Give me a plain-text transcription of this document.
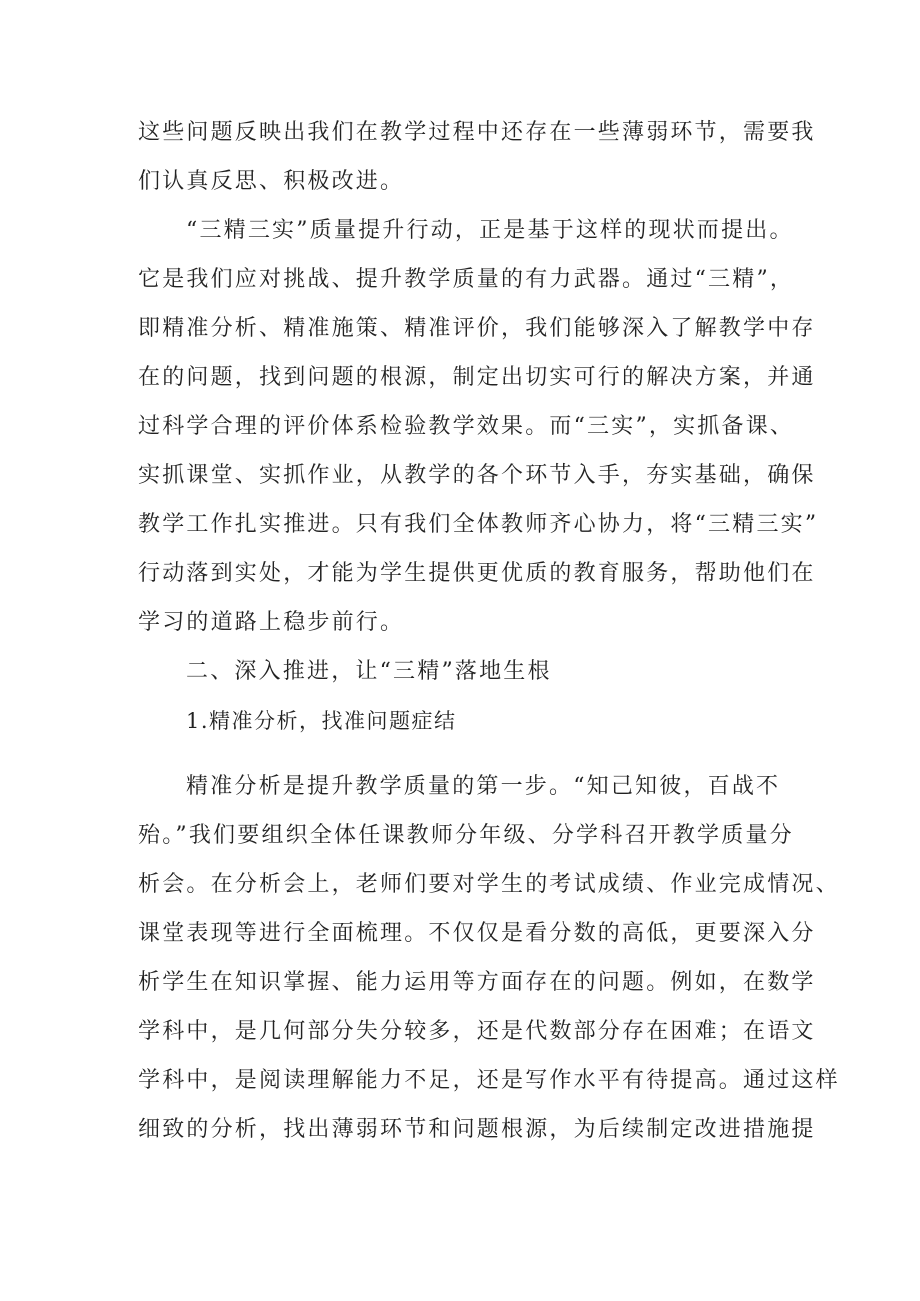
这些问题反映出我们在教学过程中还存在一些薄弱环节，需要我
们认真反思、积极改进。
“三精三实”质量提升行动，正是基于这样的现状而提出。
它是我们应对挑战、提升教学质量的有力武器。通过“三精”，
即精准分析、精准施策、精准评价，我们能够深入了解教学中存
在的问题，找到问题的根源，制定出切实可行的解决方案，并通
过科学合理的评价体系检验教学效果。而“三实”，实抓备课、
实抓课堂、实抓作业，从教学的各个环节入手，夯实基础，确保
教学工作扎实推进。只有我们全体教师齐心协力，将“三精三实”
行动落到实处，才能为学生提供更优质的教育服务，帮助他们在
学习的道路上稳步前行。
二、深入推进，让“三精”落地生根
1.精准分析，找准问题症结
精准分析是提升教学质量的第一步。“知己知彼，百战不
殆。”我们要组织全体任课教师分年级、分学科召开教学质量分
析会。在分析会上，老师们要对学生的考试成绩、作业完成情况、
课堂表现等进行全面梳理。不仅仅是看分数的高低，更要深入分
析学生在知识掌握、能力运用等方面存在的问题。例如，在数学
学科中，是几何部分失分较多，还是代数部分存在困难；在语文
学科中，是阅读理解能力不足，还是写作水平有待提高。通过这样
细致的分析，找出薄弱环节和问题根源，为后续制定改进措施提
